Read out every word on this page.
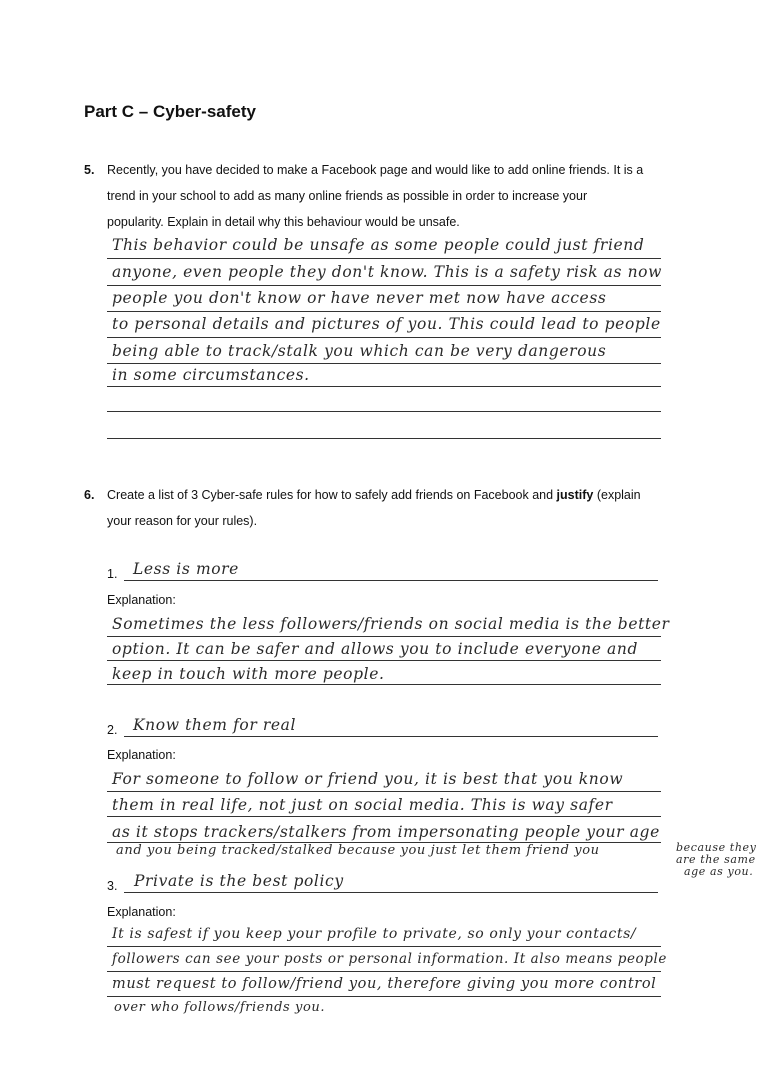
Part C – Cyber-safety
5. Recently, you have decided to make a Facebook page and would like to add online friends. It is a
trend in your school to add as many online friends as possible in order to increase your
popularity. Explain in detail why this behaviour would be unsafe.
This behavior could be unsafe as some people could just friend
anyone, even people they don't know. This is a safety risk as now
people you don't know or have never met now have access
to personal details and pictures of you. This could lead to people
being able to track/stalk you which can be very dangerous
in some circumstances.
6. Create a list of 3 Cyber-safe rules for how to safely add friends on Facebook and justify (explain
your reason for your rules).
1. Less is more
Explanation:
Sometimes the less followers/friends on social media is the better
option. It can be safer and allows you to include everyone and
keep in touch with more people.
2. Know them for real
Explanation:
For someone to follow or friend you, it is best that you know
them in real life, not just on social media. This is way safer
as it stops trackers/stalkers from impersonating people your age
and you being tracked/stalked because you just let them friend you	because they
are the same
age as you.
3. Private is the best policy
Explanation:
It is safest if you keep your profile to private, so only your contacts/
followers can see your posts or personal information. It also means people
must request to follow/friend you, therefore giving you more control
over who follows/friends you.
